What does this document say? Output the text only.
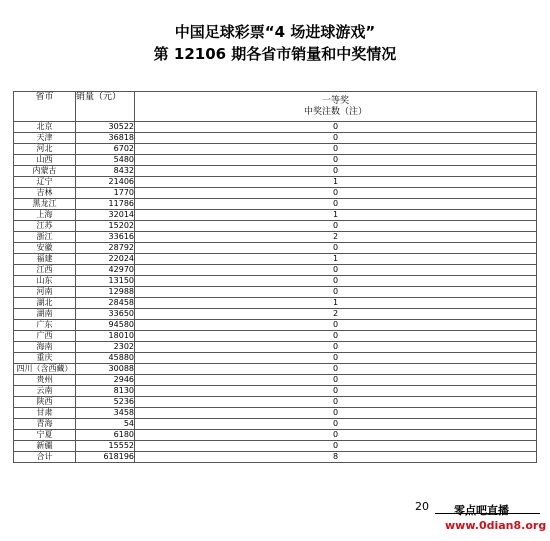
中国足球彩票“4 场进球游戏”
第 12106 期各省市销量和中奖情况
省市	销量（元）	一等奖
中奖注数（注）

北京	30522	0
天津	36818	0
河北	6702	0
山西	5480	0
内蒙古	8432	0
辽宁	21406	1
吉林	1770	0
黑龙江	11786	0
上海	32014	1
江苏	15202	0
浙江	33616	2
安徽	28792	0
福建	22024	1
江西	42970	0
山东	13150	0
河南	12988	0
湖北	28458	1
湖南	33650	2
广东	94580	0
广西	18010	0
海南	2302	0
重庆	45880	0
四川（含西藏）	30088	0
贵州	2946	0
云南	8130	0
陕西	5236	0
甘肃	3458	0
青海	54	0
宁夏	6180	0
新疆	15552	0
合计	618196	8
20 零点吧直播
www.0dian8.org
